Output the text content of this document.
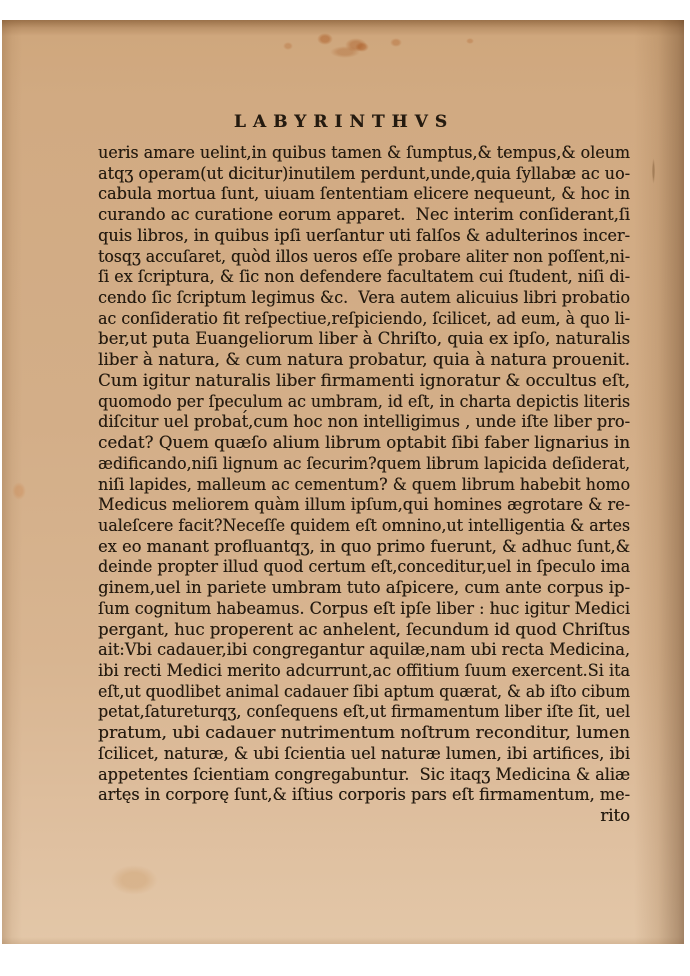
LABYRINTHVS
ueris amare uelint,in quibus tamen & ſumptus,& tempus,& oleum
atqʒ operam(ut dicitur)inutilem perdunt,unde,quia ſyllabæ ac uo-
cabula mortua ſunt, uiuam ſententiam elicere nequeunt, & hoc in
curando ac curatione eorum apparet.  Nec interim conſiderant,ſi
quis libros, in quibus ipſi uerſantur uti falſos & adulterinos incer-
tosqʒ accuſaret, quòd illos ueros eſſe probare aliter non poſſent,ni-
ſi ex ſcriptura, & ſic non defendere facultatem cui ſtudent, niſi di-
cendo ſic ſcriptum legimus &c.  Vera autem alicuius libri probatio
ac conſideratio fit reſpectiue,reſpiciendo, ſcilicet, ad eum, à quo li-
ber,ut puta Euangeliorum liber à Chriſto, quia ex ipſo, naturalis
liber à natura, & cum natura probatur, quia à natura prouenit.
Cum igitur naturalis liber firmamenti ignoratur & occultus eſt,
quomodo per ſpeculum ac umbram, id eſt, in charta depictis literis
diſcitur uel probat́,cum hoc non intelligimus , unde iſte liber pro-
cedat? Quem quæſo alium librum optabit ſibi faber lignarius in
ædificando,niſi lignum ac ſecurim?quem librum lapicida deſiderat,
niſi lapides, malleum ac cementum? & quem librum habebit homo
Medicus meliorem quàm illum ipſum,qui homines ægrotare & re-
ualeſcere facit?Neceſſe quidem eſt omnino,ut intelligentia & artes
ex eo manant profluantqʒ, in quo primo fuerunt, & adhuc ſunt,&
deinde propter illud quod certum eſt,conceditur,uel in ſpeculo ima
ginem,uel in pariete umbram tuto aſpicere, cum ante corpus ip-
ſum cognitum habeamus. Corpus eſt ipſe liber : huc igitur Medici
pergant, huc properent ac anhelent, ſecundum id quod Chriſtus
ait:Vbi cadauer,ibi congregantur aquilæ,nam ubi recta Medicina,
ibi recti Medici merito adcurrunt,ac offitium ſuum exercent.Si ita
eſt,ut quodlibet animal cadauer ſibi aptum quærat, & ab iſto cibum
petat,ſatureturqʒ, conſequens eſt,ut firmamentum liber iſte ſit, uel
pratum, ubi cadauer nutrimentum noſtrum reconditur, lumen
ſcilicet, naturæ, & ubi ſcientia uel naturæ lumen, ibi artifices, ibi
appetentes ſcientiam congregabuntur.  Sic itaqʒ Medicina & aliæ
artęs in corporę ſunt,& iſtius corporis pars eſt firmamentum, me-
rito
